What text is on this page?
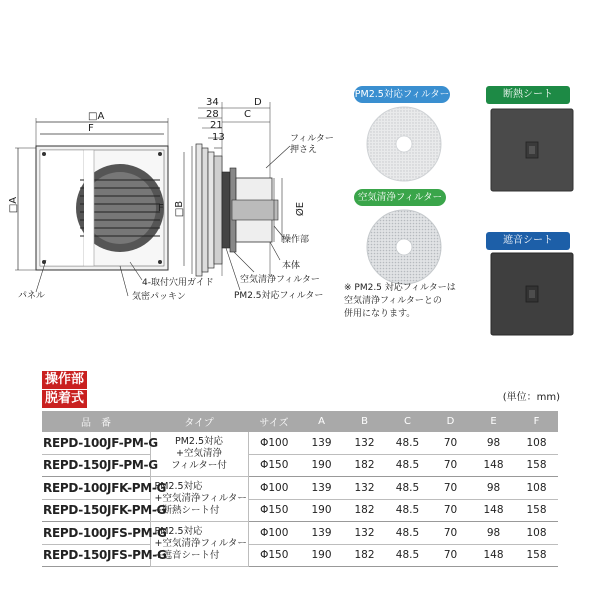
□A
F
□A	□B
F
34
28
21
13
D
C
ØE
フィルター
押さえ
操作部
本体
空気清浄フィルター
PM2.5対応フィルター
4-取付穴用ガイド
気密パッキン
パネル
PM2.5対応フィルター
空気清浄フィルター
※ PM2.5 対応フィルターは
空気清浄フィルターとの
併用になります。
断熱シート
遮音シート
操作部
脱着式	(単位：mm)
品　番	タイプ	サイズ	A	B	C	D	E	F
REPD-100JF-PM-G	PM2.5対応
+空気清浄
フィルター付	Φ100	139	132	48.5	70	98	108
REPD-150JF-PM-G		Φ150	190	182	48.5	70	148	158
REPD-100JFK-PM-G	PM2.5対応
+空気清浄フィルター
+断熱シート付	Φ100	139	132	48.5	70	98	108
REPD-150JFK-PM-G		Φ150	190	182	48.5	70	148	158
REPD-100JFS-PM-G	PM2.5対応
+空気清浄フィルター
+遮音シート付	Φ100	139	132	48.5	70	98	108
REPD-150JFS-PM-G		Φ150	190	182	48.5	70	148	158
